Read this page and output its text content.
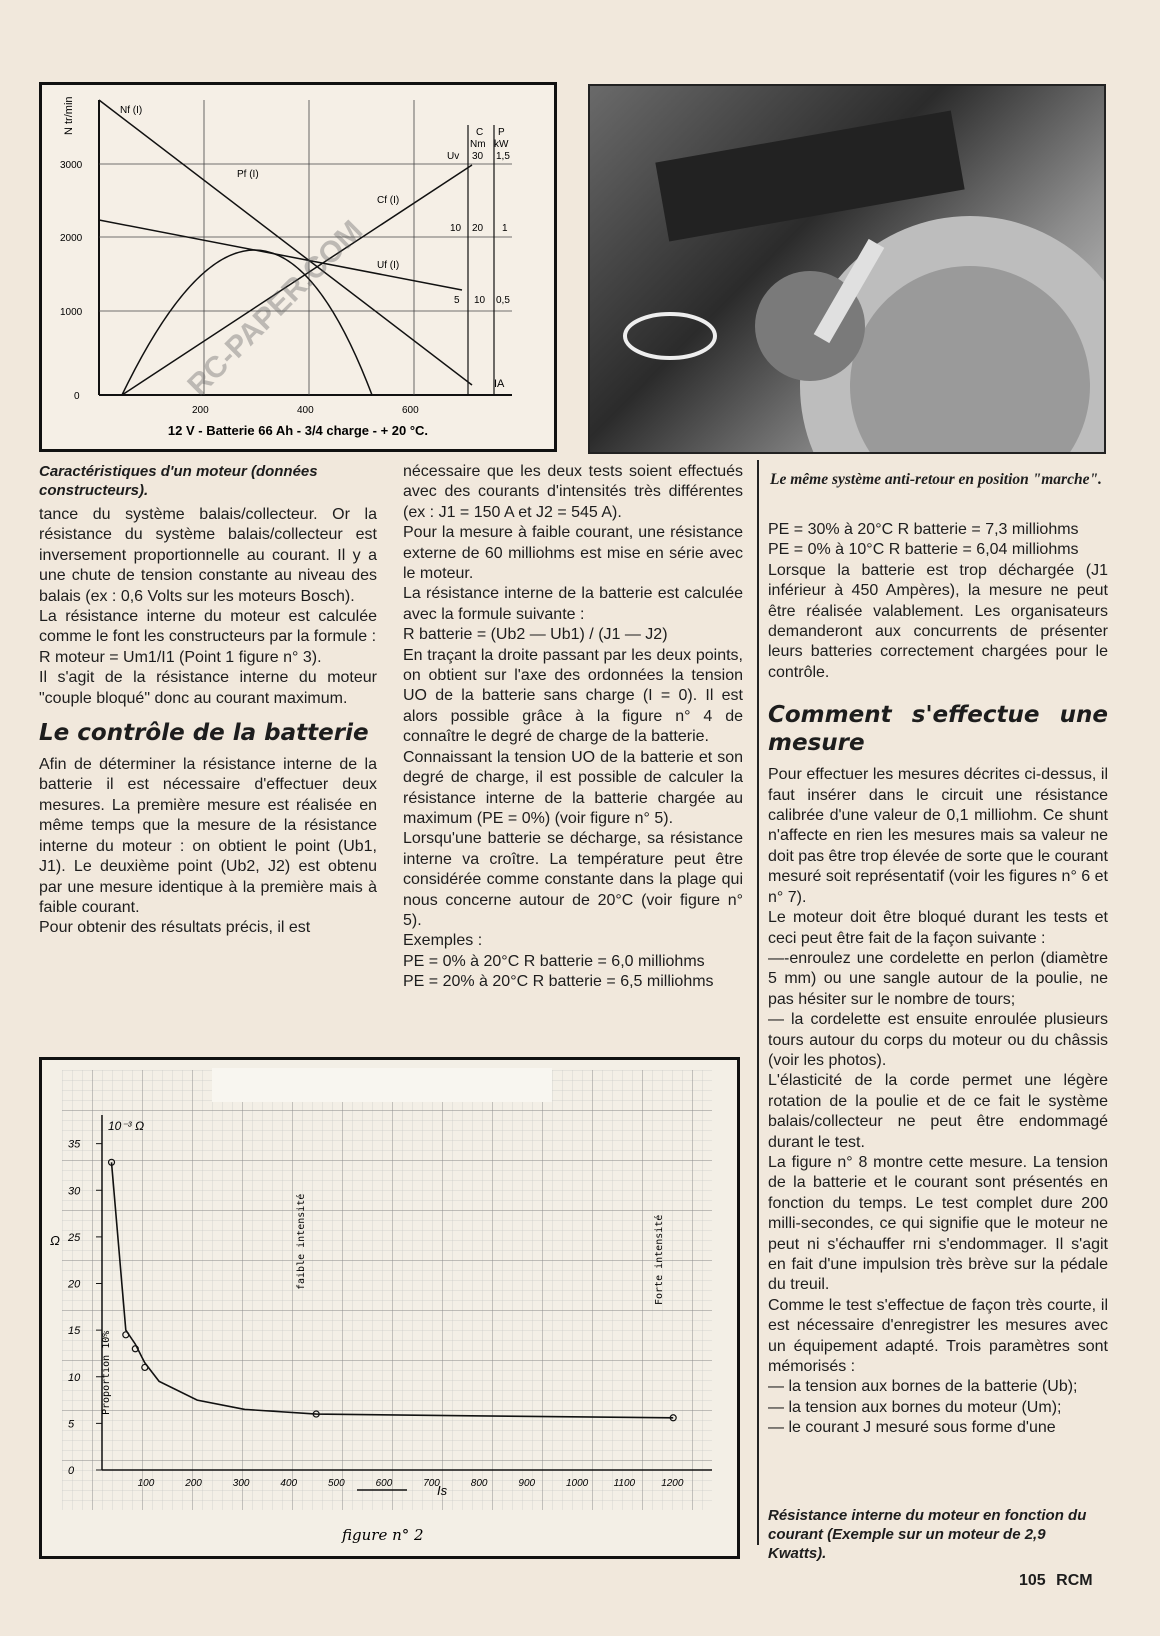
N tr/min
3000
2000
1000
0
200	400	600
IA
C P
Nm kW
Uv 30 1,5
10 20 1
5 10 0,5
Nf (I)
Pf (I)
Cf (I)
Uf (I)
RC-PAPER.COM
12 V - Batterie 66 Ah - 3/4 charge - + 20 °C.
Caractéristiques d'un moteur (données constructeurs).
Le même système anti-retour en position "marche".

tance du système balais/collecteur. Or la résistance du système balais/collecteur est inversement proportionnelle au courant. Il y a une chute de tension constante au niveau des balais (ex : 0,6 Volts sur les moteurs Bosch).

La résistance interne du moteur est calculée comme le font les constructeurs par la formule :

R moteur = Um1/I1 (Point 1 figure n° 3).

Il s'agit de la résistance interne du moteur "couple bloqué" donc au courant maximum.

Le contrôle de la batterie

Afin de déterminer la résistance interne de la batterie il est nécessaire d'effectuer deux mesures. La première mesure est réalisée en même temps que la mesure de la résistance interne du moteur : on obtient le point (Ub1, J1). Le deuxième point (Ub2, J2) est obtenu par une mesure identique à la première mais à faible courant.

Pour obtenir des résultats précis, il est

nécessaire que les deux tests soient effectués avec des courants d'intensités très différentes (ex : J1 = 150 A et J2 = 545 A).

Pour la mesure à faible courant, une résistance externe de 60 milliohms est mise en série avec le moteur.

La résistance interne de la batterie est calculée avec la formule suivante :

R batterie = (Ub2 — Ub1) / (J1 — J2)

En traçant la droite passant par les deux points, on obtient sur l'axe des ordonnées la tension UO de la batterie sans charge (I = 0). Il est alors possible grâce à la figure n° 4 de connaître le degré de charge de la batterie.

Connaissant la tension UO de la batterie et son degré de charge, il est possible de calculer la résistance interne de la batterie chargée au maximum (PE = 0%) (voir figure n° 5).

Lorsqu'une batterie se décharge, sa résistance interne va croître. La température peut être considérée comme constante dans la plage qui nous concerne autour de 20°C (voir figure n° 5).

Exemples :

PE = 0% à 20°C R batterie = 6,0 milliohms

PE = 20% à 20°C R batterie = 6,5 milliohms

PE = 30% à 20°C R batterie = 7,3 milliohms

PE = 0% à 10°C R batterie = 6,04 milliohms

Lorsque la batterie est trop déchargée (J1 inférieur à 450 Ampères), la mesure ne peut être réalisée valablement. Les organisateurs demanderont aux concurrents de présenter leurs batteries correctement chargées pour le contrôle.

Comment s'effectue une mesure

Pour effectuer les mesures décrites ci-dessus, il faut insérer dans le circuit une résistance calibrée d'une valeur de 0,1 milliohm. Ce shunt n'affecte en rien les mesures mais sa valeur ne doit pas être trop élevée de sorte que le courant mesuré soit représentatif (voir les figures n° 6 et n° 7).

Le moteur doit être bloqué durant les tests et ceci peut être fait de la façon suivante :

—-enroulez une cordelette en perlon (diamètre 5 mm) ou une sangle autour de la poulie, ne pas hésiter sur le nombre de tours;

— la cordelette est ensuite enroulée plusieurs tours autour du corps du moteur ou du châssis (voir les photos).

L'élasticité de la corde permet une légère rotation de la poulie et de ce fait le système balais/collecteur ne peut être endommagé durant le test.

La figure n° 8 montre cette mesure. La tension de la batterie et le courant sont présentés en fonction du temps. Le test complet dure 200 milli-secondes, ce qui signifie que le moteur ne peut ni s'échauffer rni s'endommager. Il s'agit en fait d'une impulsion très brève sur la pédale du treuil.

Comme le test s'effectue de façon très courte, il est nécessaire d'enregistrer les mesures avec un équipement adapté. Trois paramètres sont mémorisés :

— la tension aux bornes de la batterie (Ub);

— la tension aux bornes du moteur (Um);

— le courant J mesuré sous forme d'une

35
30
25
20
15
10
5
0
100	200	300	400	500	600	700	800	900	1000	1100	1200
10⁻³ Ω
Ω
Is
Proportion 10%
faible intensité	Forte intensité
figure n° 2
Résistance interne du moteur en fonction du courant (Exemple sur un moteur de 2,9 Kwatts).
105 RCM
